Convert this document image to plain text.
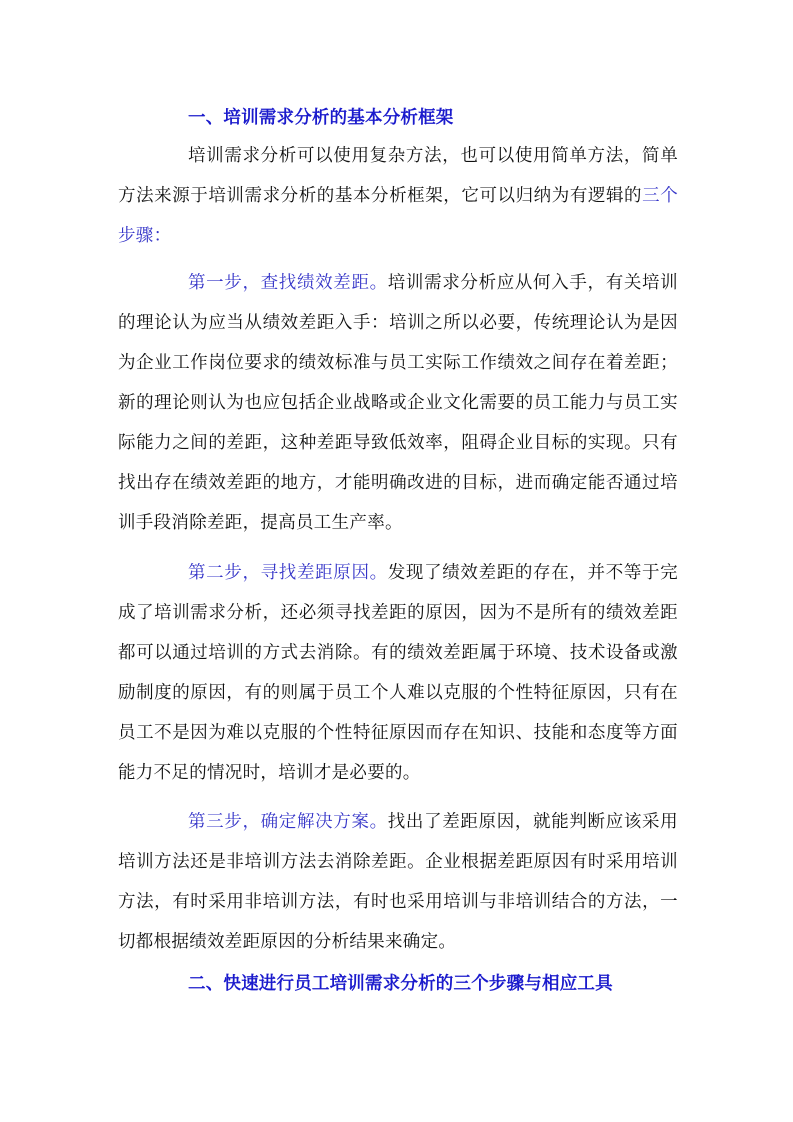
一、培训需求分析的基本分析框架

培训需求分析可以使用复杂方法，也可以使用简单方法，简单方法来源于培训需求分析的基本分析框架，它可以归纳为有逻辑的三个步骤：

第一步，查找绩效差距。培训需求分析应从何入手，有关培训的理论认为应当从绩效差距入手：培训之所以必要，传统理论认为是因为企业工作岗位要求的绩效标准与员工实际工作绩效之间存在着差距；新的理论则认为也应包括企业战略或企业文化需要的员工能力与员工实际能力之间的差距，这种差距导致低效率，阻碍企业目标的实现。只有找出存在绩效差距的地方，才能明确改进的目标，进而确定能否通过培训手段消除差距，提高员工生产率。

第二步，寻找差距原因。发现了绩效差距的存在，并不等于完成了培训需求分析，还必须寻找差距的原因，因为不是所有的绩效差距都可以通过培训的方式去消除。有的绩效差距属于环境、技术设备或激励制度的原因，有的则属于员工个人难以克服的个性特征原因，只有在员工不是因为难以克服的个性特征原因而存在知识、技能和态度等方面能力不足的情况时，培训才是必要的。

第三步，确定解决方案。找出了差距原因，就能判断应该采用培训方法还是非培训方法去消除差距。企业根据差距原因有时采用培训方法，有时采用非培训方法，有时也采用培训与非培训结合的方法，一切都根据绩效差距原因的分析结果来确定。

二、快速进行员工培训需求分析的三个步骤与相应工具
